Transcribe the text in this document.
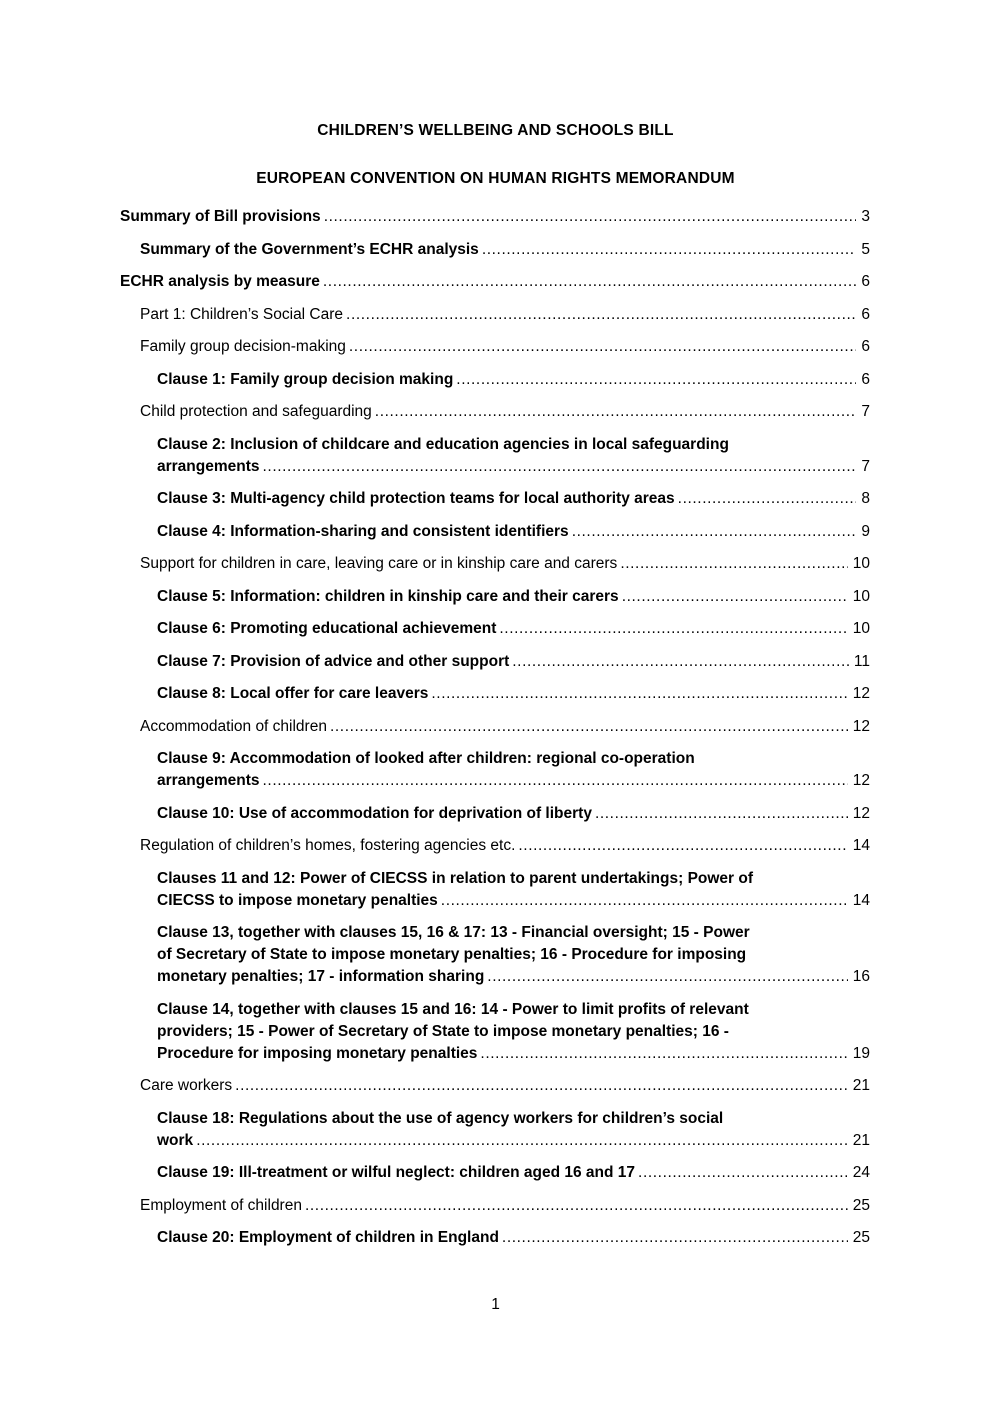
CHILDREN’S WELLBEING AND SCHOOLS BILL
EUROPEAN CONVENTION ON HUMAN RIGHTS MEMORANDUM
Summary of Bill provisions .....	3
Summary of the Government’s ECHR analysis .....	5
ECHR analysis by measure .....	6
Part 1: Children’s Social Care .....	6
Family group decision-making .....	6
Clause 1: Family group decision making .....	6
Child protection and safeguarding .....	7
Clause 2: Inclusion of childcare and education agencies in local safeguarding
arrangements .....	7
Clause 3: Multi-agency child protection teams for local authority areas .....	8
Clause 4: Information-sharing and consistent identifiers .....	9
Support for children in care, leaving care or in kinship care and carers .....	10
Clause 5: Information: children in kinship care and their carers .....	10
Clause 6: Promoting educational achievement .....	10
Clause 7: Provision of advice and other support .....	11
Clause 8: Local offer for care leavers .....	12
Accommodation of children .....	12
Clause 9: Accommodation of looked after children: regional co-operation
arrangements .....	12
Clause 10: Use of accommodation for deprivation of liberty .....	12
Regulation of children’s homes, fostering agencies etc. .....	14
Clauses 11 and 12: Power of CIECSS in relation to parent undertakings; Power of
CIECSS to impose monetary penalties .....	14
Clause 13, together with clauses 15, 16 & 17: 13 - Financial oversight; 15 - Power
of Secretary of State to impose monetary penalties; 16 - Procedure for imposing
monetary penalties; 17 - information sharing .....	16
Clause 14, together with clauses 15 and 16: 14 - Power to limit profits of relevant
providers; 15 - Power of Secretary of State to impose monetary penalties; 16 -
Procedure for imposing monetary penalties .....	19
Care workers .....	21
Clause 18: Regulations about the use of agency workers for children’s social
work .....	21
Clause 19: Ill-treatment or wilful neglect: children aged 16 and 17 .....	24
Employment of children .....	25
Clause 20: Employment of children in England .....	25
1
